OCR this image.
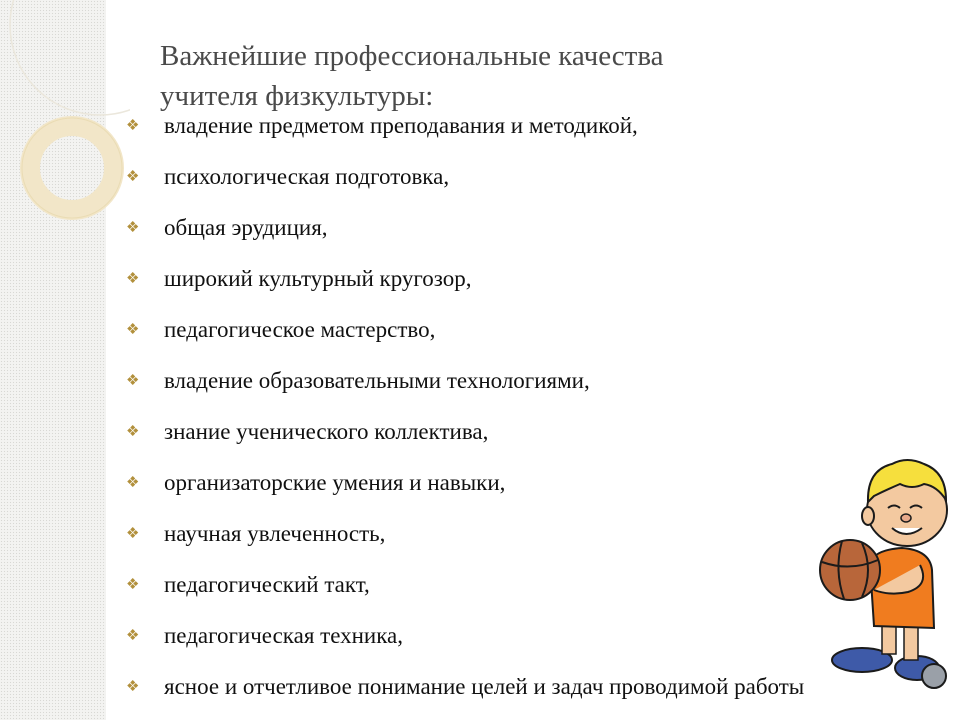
Важнейшие профессиональные качества
учителя физкультуры:
❖ владение предметом преподавания и методикой,
❖ психологическая подготовка,
❖ общая эрудиция,
❖ широкий культурный кругозор,
❖ педагогическое мастерство,
❖ владение образовательными технологиями,
❖ знание ученического коллектива,
❖ организаторские умения и навыки,
❖ научная увлеченность,
❖ педагогический такт,
❖ педагогическая техника,
❖ ясное и отчетливое понимание целей и задач проводимой работы
